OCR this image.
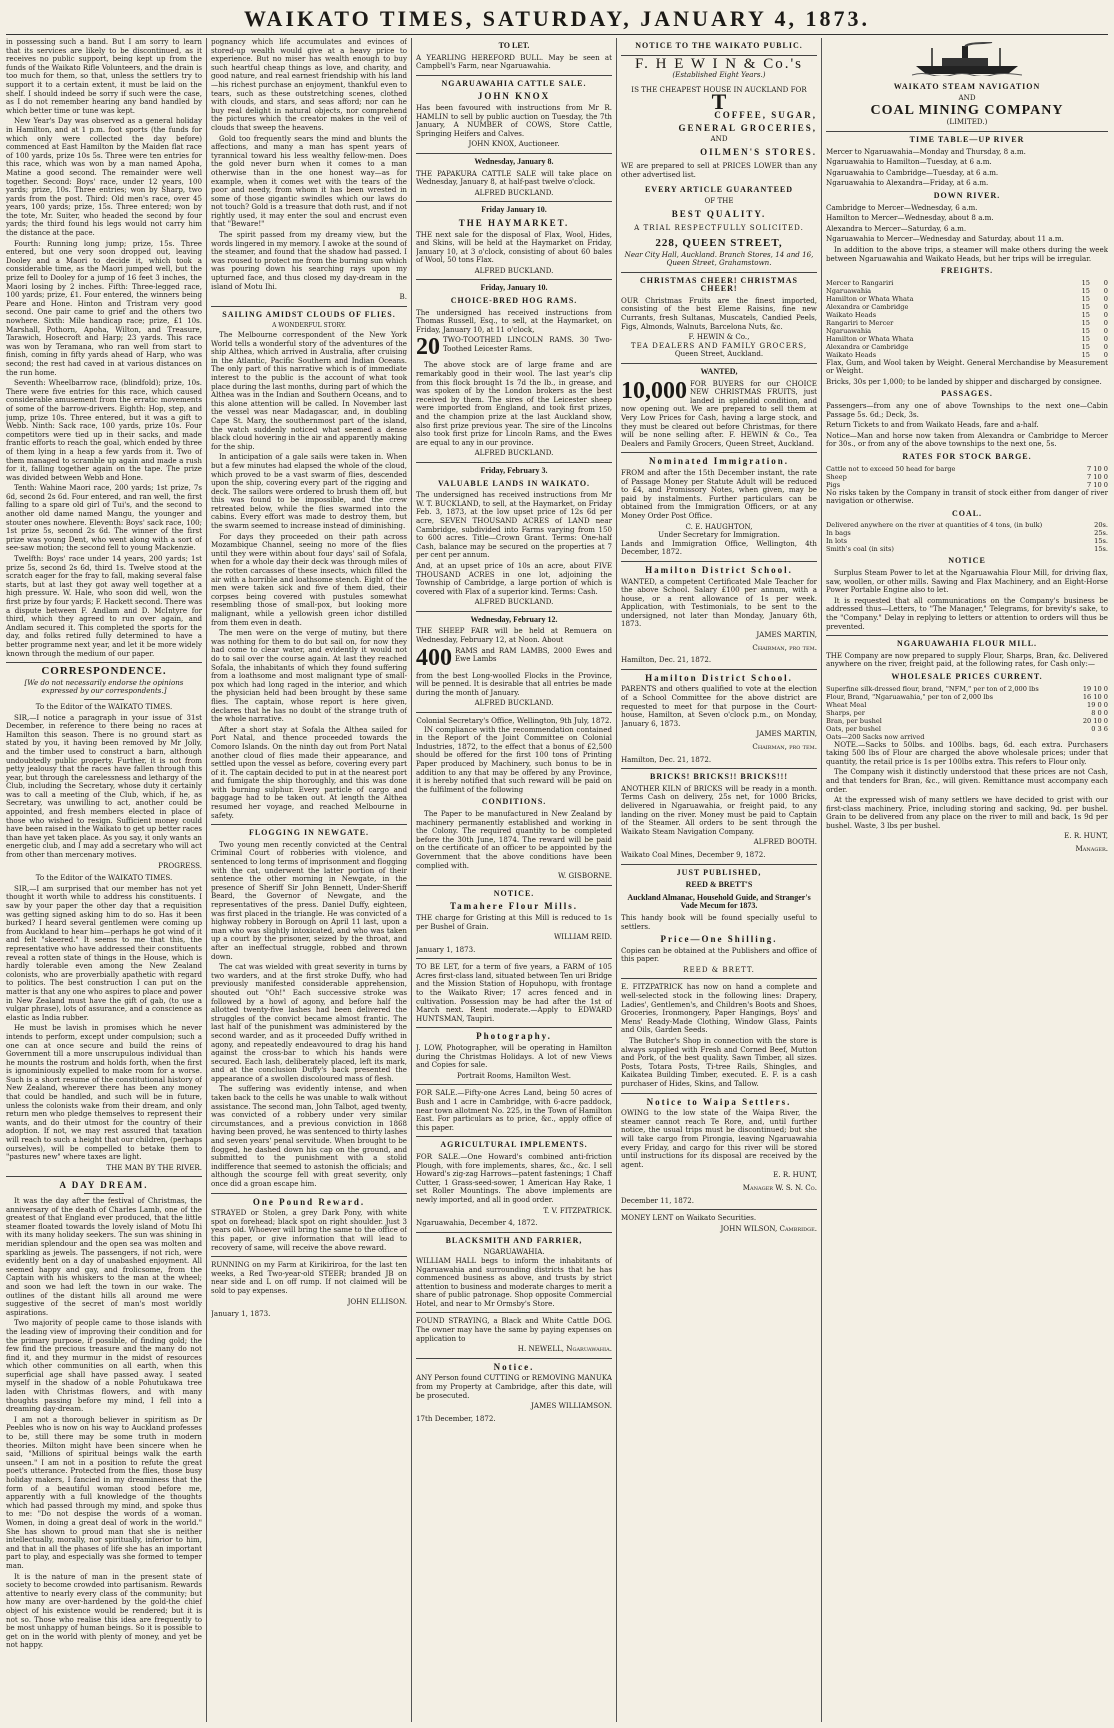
WAIKATO TIMES, SATURDAY, JANUARY 4, 1873.

in possessing such a band. But I am sorry to learn that its services are likely to be discontinued, as it receives no public support, being kept up from the funds of the Waikato Rifle Volunteers, and the drain is too much for them, so that, unless the settlers try to support it to a certain extent, it must be laid on the shelf. I should indeed be sorry if such were the case, as I do not remember hearing any band handled by which better time or tune was kept.

New Year's Day was observed as a general holiday in Hamilton, and at 1 p.m. foot sports (the funds for which only were collected the day before) commenced at East Hamilton by the Maiden flat race of 100 yards, prize 10s 5s. Three were ten entries for this race, which was won by a man named Apoha, Matine a good second. The remainder were well together. Second: Boys' race, under 12 years, 100 yards; prize, 10s. Three entries; won by Sharp, two yards from the post. Third: Old men's race, over 45 years, 100 yards; prize, 15s. Three entered; won by the tote, Mr. Suiter, who headed the second by four yards; the third found his legs would not carry him the distance at the pace.

Fourth: Running long jump; prize, 15s. Three entered, but one very soon dropped out, leaving Dooley and a Maori to decide it, which took a considerable time, as the Maori jumped well, but the prize fell to Dooley for a jump of 16 feet 3 inches, the Maori losing by 2 inches. Fifth: Three-legged race, 100 yards; prize, £1. Four entered, the winners being Peare and Hone. Hinton and Tristram very good second. One pair came to grief and the others two nowhere. Sixth: Mile handicap race; prize, £1 10s. Marshall, Pothorn, Apoha, Wilton, and Treasure, Tarawich, Hosecroft and Harp; 23 yards. This race was won by Teramana, who ran well from start to finish, coming in fifty yards ahead of Harp, who was second; the rest had caved in at various distances on the run home.

Seventh: Wheelbarrow race, (blindfold); prize, 10s. There were five entries for this race, which caused considerable amusement from the erratic movements of some of the barrow-drivers. Eighth: Hop, step, and jump, prize 10s. Three entered, but it was a gift to Webb. Ninth: Sack race, 100 yards, prize 10s. Four competitors were tied up in their sacks, and made frantic efforts to reach the goal, which ended by three of them lying in a heap a few yards from it. Two of them managed to scramble up again and made a rush for it, falling together again on the tape. The prize was divided between Webb and Hone.

Tenth: Wahine Maori race, 200 yards; 1st prize, 7s 6d, second 2s 6d. Four entered, and ran well, the first falling to a spare old girl of Tui's, and the second to another old dame named Mangu, the younger and stouter ones nowhere. Eleventh: Boys' sack race, 100; 1st prize 5s, second 2s 6d. The winner of the first prize was young Dent, who went along with a sort of see-saw motion; the second fell to young Mackenzie.

Twelfth: Boys' race under 14 years, 200 yards; 1st prize 5s, second 2s 6d, third 1s. Twelve stood at the scratch eager for the fray to fall, making several false starts, but at last they got away well together at a high pressure. W. Hale, who soon did well, won the first prize by four yards; F. Hackett second. There was a dispute between F. Andlam and D. McIntyre for third, which they agreed to run over again, and Andlam secured it. This completed the sports for the day, and folks retired fully determined to have a better programme next year, and let it be more widely known through the medium of our paper.

CORRESPONDENCE.

[We do not necessarily endorse the opinions expressed by our correspondents.]

To the Editor of the WAIKATO TIMES.

SIR,—I notice a paragraph in your issue of 31st December, in reference to there being no races at Hamilton this season. There is no ground start as stated by you, it having been removed by Mr Jolly, and the timber used to construct a barn, although undoubtedly public property. Further, it is not from petty jealousy that the races have fallen through this year, but through the carelessness and lethargy of the Club, including the Secretary, whose duty it certainly was to call a meeting of the Club, which, if he, as Secretary, was unwilling to act, another could be appointed, and fresh members elected in place of those who wished to resign. Sufficient money could have been raised in the Waikato to get up better races than have yet taken place. As you say, it only wants an energetic club, and I may add a secretary who will act from other than mercenary motives.

PROGRESS.

To the Editor of the WAIKATO TIMES.

SIR,—I am surprised that our member has not yet thought it worth while to address his constituents. I saw by your paper the other day that a requisition was getting signed asking him to do so. Has it been burked? I heard several gentlemen were coming up from Auckland to hear him—perhaps he got wind of it and felt "skeered." It seems to me that this, the representative who have addressed their constituents reveal a rotten state of things in the House, which is hardly tolerable even among the New Zealand colonists, who are proverbially apathetic with regard to politics. The best construction I can put on the matter is that any one who aspires to place and power in New Zealand must have the gift of gab, (to use a vulgar phrase), lots of assurance, and a conscience as elastic as India rubber.

He must be lavish in promises which he never intends to perform, except under compulsion; such a one can at once secure and build the reins of Government till a more unscrupulous individual than he mounts the rostrum and holds forth, when the first is ignominiously expelled to make room for a worse. Such is a short resume of the constitutional history of New Zealand, wherever there has been any money that could be handled, and such will be in future, unless the colonists wake from their dream, and only return men who pledge themselves to represent their wants, and do their utmost for the country of their adoption. If not, we may rest assured that taxation will reach to such a height that our children, (perhaps ourselves), will be compelled to betake them to "pastures new" where taxes are light.

THE MAN BY THE RIVER.
A DAY DREAM.

It was the day after the festival of Christmas, the anniversary of the death of Charles Lamb, one of the greatest of that England ever produced, that the little steamer floated towards the lovely island of Motu Ihi with its many holiday seekers. The sun was shining in meridian splendour and the open sea was molten and sparkling as jewels. The passengers, if not rich, were evidently bent on a day of unabashed enjoyment. All seemed happy and gay, and frolicsome, from the Captain with his whiskers to the man at the wheel; and soon we had left the town in our wake. The outlines of the distant hills all around me were suggestive of the secret of man's most worldly aspirations.

Two majority of people came to those islands with the leading view of improving their condition and for the primary purpose, if possible, of finding gold; the few find the precious treasure and the many do not find it, and they murmur in the midst of resources which other communities on all earth, when this superficial age shall have passed away. I seated myself in the shadow of a noble Pohutukawa tree laden with Christmas flowers, and with many thoughts passing before my mind, I fell into a dreaming day-dream.

I am not a thorough believer in spiritism as Dr Peebles who is now on his way to Auckland professes to be, still there may be some truth in modern theories. Milton might have been sincere when he said, "Millions of spiritual beings walk the earth unseen." I am not in a position to refute the great poet's utterance. Protected from the flies, those busy holiday makers, I fancied in my dreaminess that the form of a beautiful woman stood before me, apparently with a full knowledge of the thoughts which had passed through my mind, and spoke thus to me: "Do not despise the words of a woman. Women, in doing a great deal of work in the world." She has shown to proud man that she is neither intellectually, morally, nor spiritually, inferior to him, and that in all the phases of life she has an important part to play, and especially was she formed to temper man.

It is the nature of man in the present state of society to become crowded into partisanism. Rewards attentive to nearly every class of the community; but how many are over-hardened by the gold-the chief object of his existence would be rendered; but it is not so. Those who realise this idea are frequently to be most unhappy of human beings. So it is possible to get on in the world with plenty of money, and yet be not happy.

pognancy which life accumulates and evinces of stored-up wealth would give at a heavy price to experience. But no miser has wealth enough to buy such heartful cheap things as love, and charity, and good nature, and real earnest friendship with his land—his richest purchase an enjoyment, thankful even to tears, such as these outstretching scenes, clothed with clouds, and stars, and seas afford; nor can he buy real delight in natural objects, nor comprehend the pictures which the creator makes in the veil of clouds that sweep the heavens.

Gold too frequently sears the mind and blunts the affections, and many a man has spent years of tyrannical toward his less wealthy fellow-men. Does the gold never burn when it comes to a man otherwise than in the one honest way—as for example, when it comes wet with the tears of the poor and needy, from whom it has been wrested in some of those gigantic swindles which our laws do not touch? Gold is a treasure that doth rust, and if not rightly used, it may enter the soul and encrust even that "Beware!"

The spirit passed from my dreamy view, but the words lingered in my memory. I awoke at the sound of the steamer, and found that the shadow had passed. I was roused to protect me from the burning sun which was pouring down his searching rays upon my upturned face, and thus closed my day-dream in the island of Motu Ihi.

B.
SAILING AMIDST CLOUDS OF FLIES.
A WONDERFUL STORY.

The Melbourne correspondent of the New York World tells a wonderful story of the adventures of the ship Althea, which arrived in Australia, after cruising in the Atlantic, Pacific Southern and Indian Oceans. The only part of this narrative which is of immediate interest to the public is the account of what took place during the last months, during part of which the Althea was in the Indian and Southern Oceans, and to this alone attention will be called. In November last the vessel was near Madagascar, and, in doubling Cape St. Mary, the southernmost part of the island, the watch suddenly noticed what seemed a dense black cloud hovering in the air and apparently making for the ship.

In anticipation of a gale sails were taken in. When but a few minutes had elapsed the whole of the cloud, which proved to be a vast swarm of flies, descended upon the ship, covering every part of the rigging and deck. The sailors were ordered to brush them off, but this was found to be impossible, and the crew retreated below, while the flies swarmed into the cabins. Every effort was made to destroy them, but the swarm seemed to increase instead of diminishing.

For days they proceeded on their path across Mozambique Channel, seeing no more of the flies until they were within about four days' sail of Sofala, when for a whole day their deck was through miles of the rotten carcasses of these insects, which filled the air with a horrible and loathsome stench. Eight of the men were taken sick and five of them died, their corpses being covered with pustules somewhat resembling those of small-pox, but looking more malignant, while a yellowish green ichor distilled from them even in death.

The men were on the verge of mutiny, but there was nothing for them to do but sail on, for now they had come to clear water, and evidently it would not do to sail over the course again. At last they reached Sofala, the inhabitants of which they found suffering from a loathsome and most malignant type of small-pox which had long raged in the interior, and which the physician held had been brought by these same flies. The captain, whose report is here given, declares that he has no doubt of the strange truth of the whole narrative.

After a short stay at Sofala the Althea sailed for Port Natal, and thence proceeded towards the Comoro Islands. On the ninth day out from Port Natal another cloud of flies made their appearance, and settled upon the vessel as before, covering every part of it. The captain decided to put in at the nearest port and fumigate the ship thoroughly, and this was done with burning sulphur. Every particle of cargo and baggage had to be taken out. At length the Althea resumed her voyage, and reached Melbourne in safety.

FLOGGING IN NEWGATE.

Two young men recently convicted at the Central Criminal Court of robberies with violence, and sentenced to long terms of imprisonment and flogging with the cat, underwent the latter portion of their sentence the other morning in Newgate, in the presence of Sheriff Sir John Bennett, Under-Sheriff Beard, the Governor of Newgate, and the representatives of the press. Daniel Duffy, eighteen, was first placed in the triangle. He was convicted of a highway robbery in Borough on April 11 last, upon a man who was slightly intoxicated, and who was taken up a court by the prisoner, seized by the throat, and after an ineffectual struggle, robbed and thrown down.

The cat was wielded with great severity in turns by two warders, and at the first stroke Duffy, who had previously manifested considerable apprehension, shouted out "Oh!" Each successive stroke was followed by a howl of agony, and before half the allotted twenty-five lashes had been delivered the struggles of the convict became almost frantic. The last half of the punishment was administered by the second warder, and as it proceeded Duffy writhed in agony, and repeatedly endeavoured to drag his hand against the cross-bar to which his hands were secured. Each lash, deliberately placed, left its mark, and at the conclusion Duffy's back presented the appearance of a swollen discoloured mass of flesh.

The suffering was evidently intense, and when taken back to the cells he was unable to walk without assistance. The second man, John Talbot, aged twenty, was convicted of a robbery under very similar circumstances, and a previous conviction in 1868 having been proved, he was sentenced to thirty lashes and seven years' penal servitude. When brought to be flogged, he dashed down his cap on the ground, and submitted to the punishment with a stolid indifference that seemed to astonish the officials; and although the scourge fell with great severity, only once did a groan escape him.

One Pound Reward.

STRAYED or Stolen, a grey Dark Pony, with white spot on forehead; black spot on right shoulder. Just 3 years old. Whoever will bring the same to the office of this paper, or give information that will lead to recovery of same, will receive the above reward.

RUNNING on my Farm at Kirikiriroa, for the last ten weeks, a Red Two-year-old STEER; branded JB on near side and L on off rump. If not claimed will be sold to pay expenses.

JOHN ELLISON.
January 1, 1873.
TO LET.

A YEARLING HEREFORD BULL. May be seen at Campbell's Farm, near Ngaruawahia.

NGARUAWAHIA CATTLE SALE.
JOHN KNOX

Has been favoured with instructions from Mr R. HAMLIN to sell by public auction on Tuesday, the 7th January, A NUMBER of COWS, Store Cattle, Springing Heifers and Calves.

JOHN KNOX, Auctioneer.
Wednesday, January 8.

THE PAPAKURA CATTLE SALE will take place on Wednesday, January 8, at half-past twelve o'clock.

ALFRED BUCKLAND.
Friday January 10.
THE HAYMARKET.

THE next sale for the disposal of Flax, Wool, Hides, and Skins, will be held at the Haymarket on Friday, January 10, at 3 o'clock, consisting of about 60 bales of Wool, 50 tons Flax.

ALFRED BUCKLAND.
Friday, January 10.
CHOICE-BRED HOG RAMS.

The undersigned has received instructions from Thomas Russell, Esq., to sell, at the Haymarket, on Friday, January 10, at 11 o'clock,

20 TWO-TOOTHED LINCOLN RAMS. 30 Two-Toothed Leicester Rams.

The above stock are of large frame and are remarkably good in their wool. The last year's clip from this flock brought 1s 7d the lb., in grease, and was spoken of by the London brokers as the best received by them. The sires of the Leicester sheep were imported from England, and took first prizes, and the champion prize at the last Auckland show, also first prize previous year. The sire of the Lincolns also took first prize for Lincoln Rams, and the Ewes are equal to any in our province.

ALFRED BUCKLAND.
Friday, February 3.
VALUABLE LANDS IN WAIKATO.

The undersigned has received instructions from Mr W. T. BUCKLAND, to sell, at the Haymarket, on Friday Feb. 3, 1873, at the low upset price of 12s 6d per acre, SEVEN THOUSAND ACRES of LAND near Cambridge, subdivided into Farms varying from 150 to 600 acres. Title—Crown Grant. Terms: One-half Cash, balance may be secured on the properties at 7 per cent per annum.

And, at an upset price of 10s an acre, about FIVE THOUSAND ACRES in one lot, adjoining the Township of Cambridge, a large portion of which is covered with Flax of a superior kind. Terms: Cash.

ALFRED BUCKLAND.
Wednesday, February 12.

THE SHEEP FAIR will be held at Remuera on Wednesday, February 12, at Noon. About

400 RAMS and RAM LAMBS, 2000 Ewes and Ewe Lambs

from the best Long-woolled Flocks in the Province, will be penned. It is desirable that all entries be made during the month of January.

ALFRED BUCKLAND.
Colonial Secretary's Office, Wellington, 9th July, 1872.

IN compliance with the recommendation contained in the Report of the Joint Committee on Colonial Industries, 1872, to the effect that a bonus of £2,500 should be offered for the first 100 tons of Printing Paper produced by Machinery, such bonus to be in addition to any that may be offered by any Province, it is hereby notified that such reward will be paid on the fulfilment of the following

CONDITIONS.

The Paper to be manufactured in New Zealand by machinery permanently established and working in the Colony. The required quantity to be completed before the 30th June, 1874. The reward will be paid on the certificate of an officer to be appointed by the Government that the above conditions have been complied with.

W. GISBORNE.
NOTICE.
Tamahere Flour Mills.

THE charge for Gristing at this Mill is reduced to 1s per Bushel of Grain.

WILLIAM REID.
January 1, 1873.

TO BE LET, for a term of five years, a FARM of 105 Acres first-class land, situated between Ten uri Bridge and the Mission Station of Hopuhopu, with frontage to the Waikato River; 17 acres fenced and in cultivation. Possession may be had after the 1st of March next. Rent moderate.—Apply to EDWARD HUNTSMAN, Taupiri.

Photography.

J. LOW, Photographer, will be operating in Hamilton during the Christmas Holidays. A lot of new Views and Copies for sale.

Portrait Rooms, Hamilton West.

FOR SALE.—Fifty-one Acres Land, being 50 acres of Bush and 1 acre in Cambridge, with 6-acre paddock, near town allotment No. 225, in the Town of Hamilton East. For particulars as to price, &c., apply office of this paper.

AGRICULTURAL IMPLEMENTS.

FOR SALE.—One Howard's combined anti-friction Plough, with fore implements, shares, &c., &c. I sell Howard's zig-zag Harrows—patent fastenings; 1 Chaff Cutter, 1 Grass-seed-sower, 1 American Hay Rake, 1 set Roller Mountings. The above implements are newly imported, and all in good order.

T. V. FITZPATRICK.
Ngaruawahia, December 4, 1872.
BLACKSMITH AND FARRIER,
NGARUAWAHIA.

WILLIAM HALL begs to inform the inhabitants of Ngaruawahia and surrounding districts that he has commenced business as above, and trusts by strict attention to business and moderate charges to merit a share of public patronage. Shop opposite Commercial Hotel, and near to Mr Ormsby's Store.

FOUND STRAYING, a Black and White Cattle DOG. The owner may have the same by paying expenses on application to

H. NEWELL, Ngaruawahia.
Notice.

ANY Person found CUTTING or REMOVING MANUKA from my Property at Cambridge, after this date, will be prosecuted.

JAMES WILLIAMSON.
17th December, 1872.
NOTICE TO THE WAIKATO PUBLIC.
F. H E W I N & Co.'s
(Established Eight Years.)
IS THE CHEAPEST HOUSE IN AUCKLAND FOR
T
COFFEE, SUGAR,
GENERAL GROCERIES,
AND
OILMEN'S STORES.

WE are prepared to sell at PRICES LOWER than any other advertised list.

EVERY ARTICLE GUARANTEED
OF THE
BEST QUALITY.
A TRIAL RESPECTFULLY SOLICITED.
228, QUEEN STREET,
Near City Hall, Auckland. Branch Stores, 14 and 16, Queen Street, Grahamstown.
CHRISTMAS CHEER! CHRISTMAS CHEER!

OUR Christmas Fruits are the finest imported, consisting of the best Eleme Raisins, fine new Currants, fresh Sultanas, Muscatels, Candied Peels, Figs, Almonds, Walnuts, Barcelona Nuts, &c.

F. HEWIN & Co.,
TEA DEALERS AND FAMILY GROCERS,
Queen Street, Auckland.
WANTED,
10,000 FOR BUYERS for our CHOICE NEW CHRISTMAS FRUITS, just landed in splendid condition, and now opening out. We are prepared to sell them at Very Low Prices for Cash, having a large stock, and they must be cleared out before Christmas, for there will be none selling after. F. HEWIN & Co., Tea Dealers and Family Grocers, Queen Street, Auckland.
Nominated Immigration.

FROM and after the 15th December instant, the rate of Passage Money per Statute Adult will be reduced to £4, and Promissory Notes, when given, may be paid by instalments. Further particulars can be obtained from the Immigration Officers, or at any Money Order Post Office.

C. E. HAUGHTON,
Under Secretary for Immigration.
Lands and Immigration Office, Wellington, 4th December, 1872.
Hamilton District School.

WANTED, a competent Certificated Male Teacher for the above School. Salary £100 per annum, with a house, or a rent allowance of 1s per week. Application, with Testimonials, to be sent to the undersigned, not later than Monday, January 6th, 1873.

JAMES MARTIN,
Chairman, pro tem.
Hamilton, Dec. 21, 1872.
Hamilton District School.

PARENTS and others qualified to vote at the election of a School Committee for the above district are requested to meet for that purpose in the Court-house, Hamilton, at Seven o'clock p.m., on Monday, January 6, 1873.

JAMES MARTIN,
Chairman, pro tem.
Hamilton, Dec. 21, 1872.
BRICKS! BRICKS!! BRICKS!!!

ANOTHER KILN of BRICKS will be ready in a month. Terms Cash on delivery, 25s net, for 1000 Bricks, delivered in Ngaruawahia, or freight paid, to any landing on the river. Money must be paid to Captain of the Steamer. All orders to be sent through the Waikato Steam Navigation Company.

ALFRED BOOTH.
Waikato Coal Mines, December 9, 1872.
JUST PUBLISHED,
REED & BRETT'S
Auckland Almanac, Household Guide, and Stranger's Vade Mecum for 1873.

This handy book will be found specially useful to settlers.

Price—One Shilling.

Copies can be obtained at the Publishers and office of this paper.

REED & BRETT.

E. FITZPATRICK has now on hand a complete and well-selected stock in the following lines: Drapery, Ladies', Gentlemen's, and Children's Boots and Shoes, Groceries, Ironmongery, Paper Hangings, Boys' and Mens' Ready-Made Clothing, Window Glass, Paints and Oils, Garden Seeds.

The Butcher's Shop in connection with the store is always supplied with Fresh and Corned Beef, Mutton and Pork, of the best quality. Sawn Timber, all sizes. Posts, Totara Posts, Ti-tree Rails, Shingles, and Kaikatea Building Timber, executed. E. F. is a cash purchaser of Hides, Skins, and Tallow.

Notice to Waipa Settlers.

OWING to the low state of the Waipa River, the steamer cannot reach Te Rore, and, until further notice, the usual trips must be discontinued; but she will take cargo from Pirongia, leaving Ngaruawahia every Friday, and cargo for this river will be stored until instructions for its disposal are received by the agent.

E. R. HUNT,
Manager W. S. N. Co.
December 11, 1872.

MONEY LENT on Waikato Securities.

JOHN WILSON, Cambridge.
WAIKATO STEAM NAVIGATION
AND
COAL MINING COMPANY
(LIMITED.)
TIME TABLE—UP RIVER

Mercer to Ngaruawahia—Monday and Thursday, 8 a.m.

Ngaruawahia to Hamilton—Tuesday, at 6 a.m.

Ngaruawahia to Cambridge—Tuesday, at 6 a.m.

Ngaruawahia to Alexandra—Friday, at 6 a.m.

DOWN RIVER.

Cambridge to Mercer—Wednesday, 6 a.m.

Hamilton to Mercer—Wednesday, about 8 a.m.

Alexandra to Mercer—Saturday, 6 a.m.

Ngaruawahia to Mercer—Wednesday and Saturday, about 11 a.m.

In addition to the above trips, a steamer will make others during the week between Ngaruawahia and Waikato Heads, but her trips will be irregular.

FREIGHTS.
Mercer to Rangariri	15	0
Ngaruawahia	15	0
Hamilton or Whata Whata	15	0
Alexandra or Cambridge	15	0
Waikato Heads	15	0
Rangariri to Mercer	15	0
Ngaruawahia	15	0
Hamilton or Whata Whata	15	0
Alexandra or Cambridge	15	0
Waikato Heads	15	0

Flax, Gum, and Wool taken by Weight. General Merchandise by Measurement or Weight.

Bricks, 30s per 1,000; to be landed by shipper and discharged by consignee.

PASSAGES.

Passengers—from any one of above Townships to the next one—Cabin Passage 5s. 6d.; Deck, 3s.

Return Tickets to and from Waikato Heads, fare and a-half.

Notice—Man and horse now taken from Alexandra or Cambridge to Mercer for 30s., or from any of the above townships to the next one, 5s.

RATES FOR STOCK BARGE.
Cattle not to exceed 50 head for barge	7 10 0
Sheep	7 10 0
Pigs	7 10 0

No risks taken by the Company in transit of stock either from danger of river navigation or otherwise.

COAL.
Delivered anywhere on the river at quantities of 4 tons, (in bulk)	20s.
In bags	25s.
In lots	15s.
Smith's coal (in sits)	15s.
NOTICE

Surplus Steam Power to let at the Ngaruawahia Flour Mill, for driving flax, saw, woollen, or other mills. Sawing and Flax Machinery, and an Eight-Horse Power Portable Engine also to let.

It is requested that all communications on the Company's business be addressed thus—Letters, to "The Manager," Telegrams, for brevity's sake, to the "Company." Delay in replying to letters or attention to orders will thus be prevented.

NGARUAWAHIA FLOUR MILL.

THE Company are now prepared to supply Flour, Sharps, Bran, &c. Delivered anywhere on the river, freight paid, at the following rates, for Cash only:—

WHOLESALE PRICES CURRENT.
Superfine silk-dressed flour, brand, "NFM," per ton of 2,000 lbs	19 10 0
Flour, Brand, "Ngaruawahia," per ton of 2,000 lbs	16 10 0
Wheat Meal	19 0 0
Sharps, per	8 0 0
Bran, per bushel	20 10 0
Oats, per bushel	0 3 6
Oats—200 Sacks now arrived

NOTE.—Sacks to 50lbs. and 100lbs. bags, 6d. each extra. Purchasers taking 500 lbs of Flour are charged the above wholesale prices; under that quantity, the retail price is 1s per 100lbs extra. This refers to Flour only.

The Company wish it distinctly understood that these prices are not Cash, and that tenders for Bran, &c., will given. Remittance must accompany each order.

At the expressed wish of many settlers we have decided to grist with our first-class machinery. Price, including storing and sacking, 9d. per bushel. Grain to be delivered from any place on the river to mill and back, 1s 9d per bushel. Waste, 3 lbs per bushel.

E. R. HUNT,
Manager.
